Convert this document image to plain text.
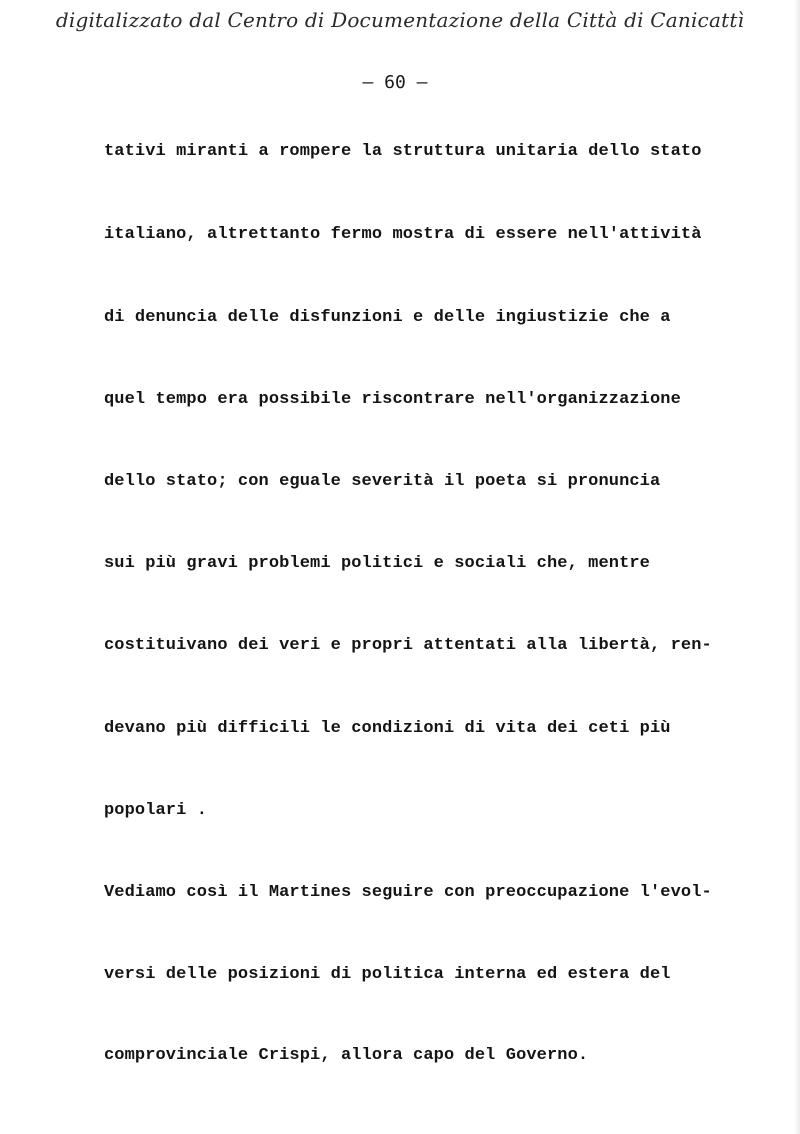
digitalizzato dal Centro di Documentazione della Città di Canicattì
– 60 –
tativi miranti a rompere la struttura unitaria dello stato
italiano, altrettanto fermo mostra di essere nell'attività
di denuncia delle disfunzioni e delle ingiustizie che a
quel tempo era possibile riscontrare nell'organizzazione
dello stato; con eguale severità il poeta si pronuncia
sui più gravi problemi politici e sociali che, mentre
costituivano dei veri e propri attentati alla libertà, ren-
devano più difficili le condizioni di vita dei ceti più
popolari .
Vediamo così il Martines seguire con preoccupazione l'evol-
versi delle posizioni di politica interna ed estera del
comprovinciale Crispi, allora capo del Governo.
